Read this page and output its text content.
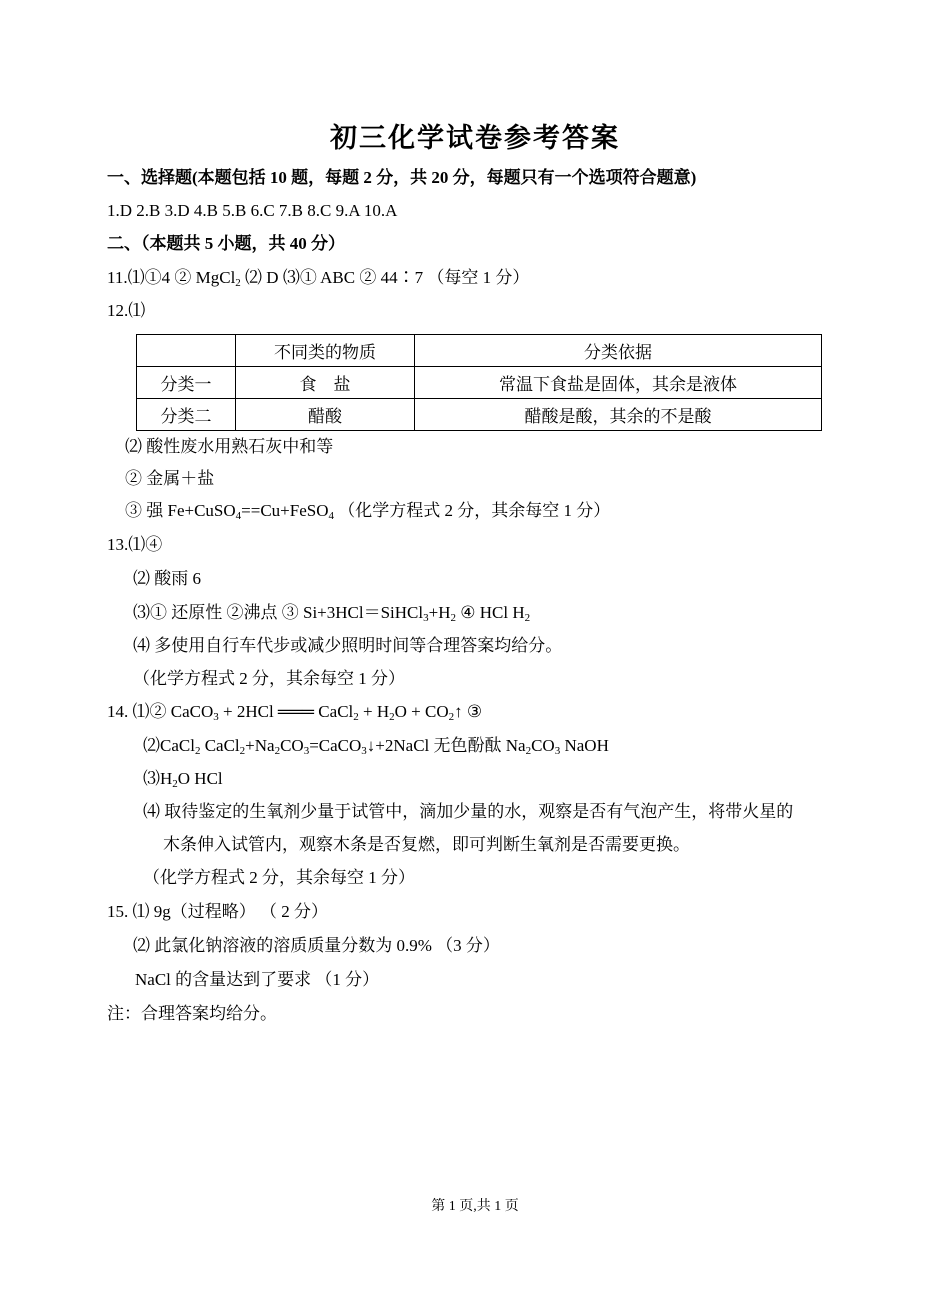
初三化学试卷参考答案
一、选择题(本题包括 10 题，每题 2 分，共 20 分，每题只有一个选项符合题意)
1.D 2.B 3.D 4.B 5.B 6.C 7.B 8.C 9.A 10.A
二、（本题共 5 小题，共 40 分）
11.⑴①4 ② MgCl$_2$ ⑵ D ⑶① ABC ② 44∶7 （每空 1 分）
12.⑴
	不同类的物质	分类依据
分类一	食　盐	常温下食盐是固体，其余是液体
分类二	醋酸	醋酸是酸，其余的不是酸
⑵ 酸性废水用熟石灰中和等
② 金属＋盐
③ 强 Fe+CuSO$_4$==Cu+FeSO$_4$ （化学方程式 2 分，其余每空 1 分）
13.⑴④
⑵ 酸雨 6
⑶① 还原性 ②沸点 ③ $Si+3HCl=SiHCl_3+H_2$ ④ HCl $H_2$
⑷ 多使用自行车代步或减少照明时间等合理答案均给分。
（化学方程式 2 分，其余每空 1 分）
14. ⑴② CaCO$_3$ + 2HCl ═══ CaCl$_2$ + $H_2O$ + $CO_2↑$ ③
⑵CaCl$_2$ $CaCl_2+Na_2CO_3=CaCO_3↓+2NaCl$ 无色酚酞 $Na_2CO_3$ NaOH
$⑶H_2O$ HCl
⑷ 取待鉴定的生氧剂少量于试管中，滴加少量的水，观察是否有气泡产生，将带火星的
木条伸入试管内，观察木条是否复燃，即可判断生氧剂是否需要更换。
（化学方程式 2 分，其余每空 1 分）
15. ⑴ 9g（过程略） （ 2 分）
⑵ 此氯化钠溶液的溶质质量分数为 0.9% （3 分）
NaCl 的含量达到了要求 （1 分）
注：合理答案均给分。
第 1 页,共 1 页
